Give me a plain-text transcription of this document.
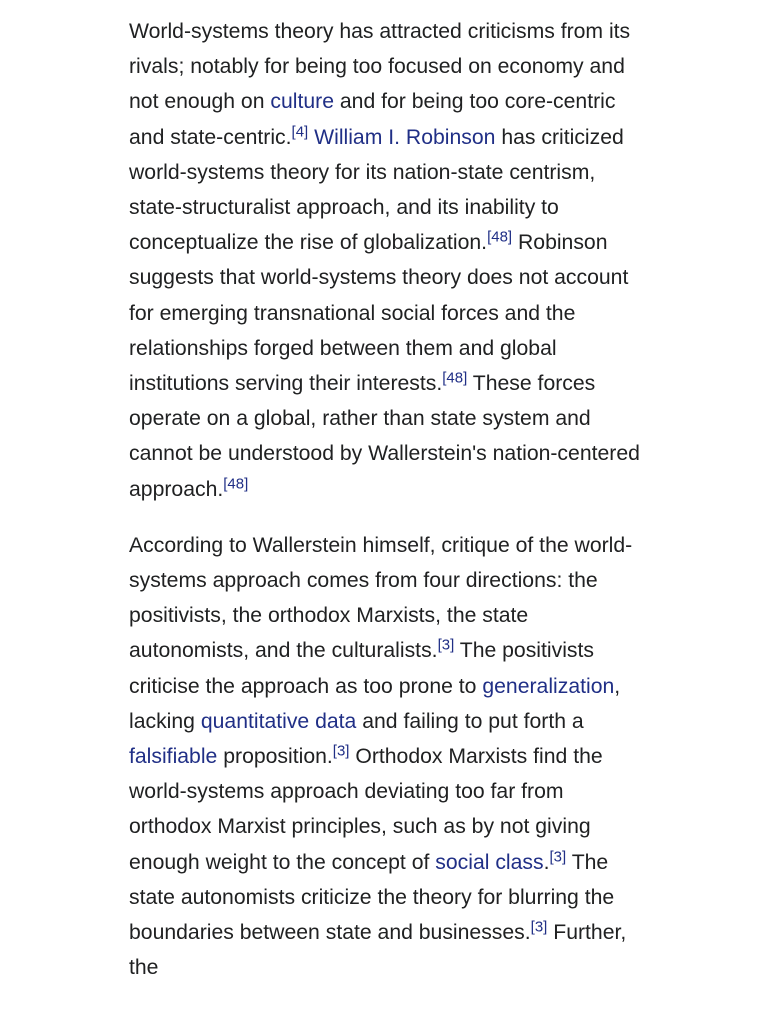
World-systems theory has attracted criticisms from its rivals; notably for being too focused on economy and not enough on culture and for being too core-centric and state-centric.[4] William I. Robinson has criticized world-systems theory for its nation-state centrism, state-structuralist approach, and its inability to conceptualize the rise of globalization.[48] Robinson suggests that world-systems theory does not account for emerging transnational social forces and the relationships forged between them and global institutions serving their interests.[48] These forces operate on a global, rather than state system and cannot be understood by Wallerstein's nation-centered approach.[48]

According to Wallerstein himself, critique of the world-systems approach comes from four directions: the positivists, the orthodox Marxists, the state autonomists, and the culturalists.[3] The positivists criticise the approach as too prone to generalization, lacking quantitative data and failing to put forth a falsifiable proposition.[3] Orthodox Marxists find the world-systems approach deviating too far from orthodox Marxist principles, such as by not giving enough weight to the concept of social class.[3] The state autonomists criticize the theory for blurring the boundaries between state and businesses.[3] Further, the
